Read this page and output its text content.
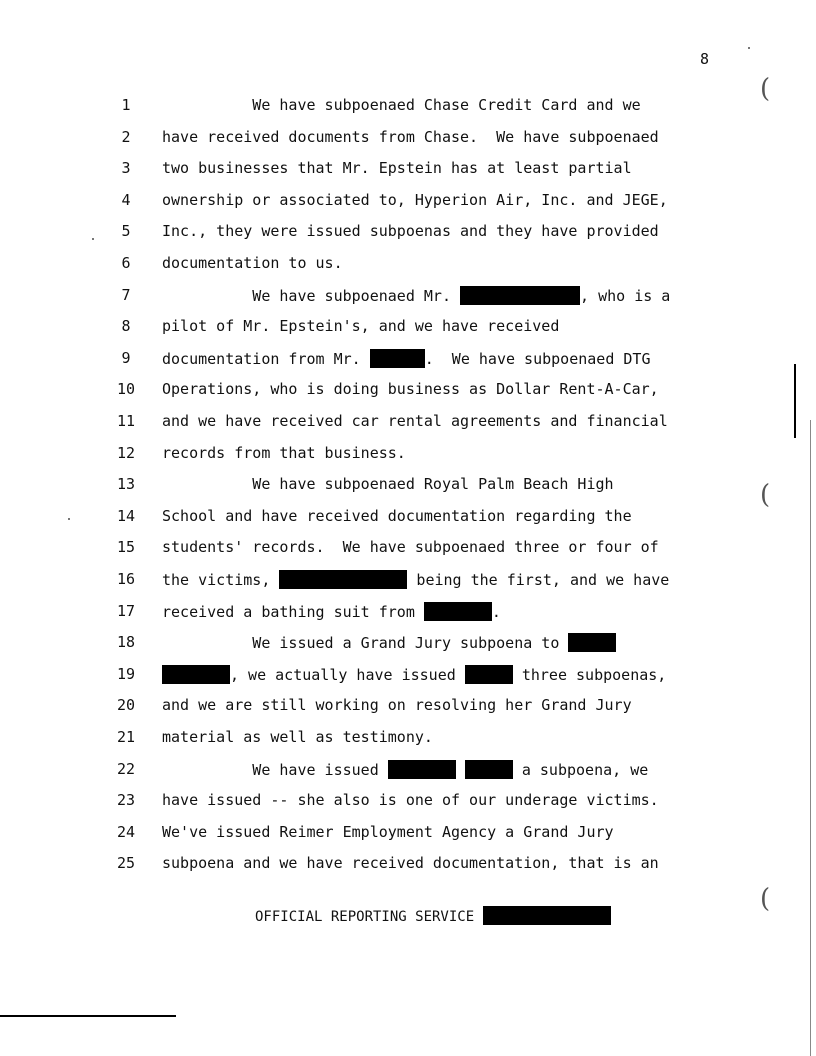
8
1	We have subpoenaed Chase Credit Card and we
2	have received documents from Chase.  We have subpoenaed
3	two businesses that Mr. Epstein has at least partial
4	ownership or associated to, Hyperion Air, Inc. and JEGE,
5	Inc., they were issued subpoenas and they have provided
6	documentation to us.
7	We have subpoenaed Mr.	, who is a
8	pilot of Mr. Epstein's, and we have received
9	documentation from Mr.	.  We have subpoenaed DTG
10 Operations, who is doing business as Dollar Rent-A-Car,
11 and we have received car rental agreements and financial
12 records from that business.
13 We have subpoenaed Royal Palm Beach High
14 School and have received documentation regarding the
15 students' records.  We have subpoenaed three or four of
16 the victims,	being the first, and we have
17 received a bathing suit from	.
18 We issued a Grand Jury subpoena to
19	, we actually have issued	three subpoenas,
20 and we are still working on resolving her Grand Jury
21 material as well as testimony.
22 We have issued	a subpoena, we
23 have issued -- she also is one of our underage victims.
24 We've issued Reimer Employment Agency a Grand Jury
25 subpoena and we have received documentation, that is an
OFFICIAL REPORTING SERVICE
(
(
(
